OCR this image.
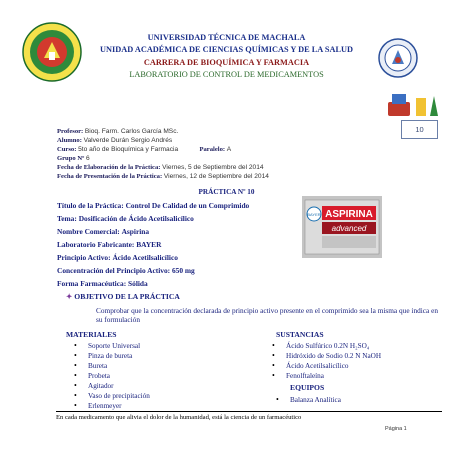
UNIVERSIDAD TÉCNICA DE MACHALA
UNIDAD ACADÉMICA DE CIENCIAS QUÍMICAS Y DE LA SALUD
CARRERA DE BIOQUÍMICA Y FARMACIA
LABORATORIO DE CONTROL DE MEDICAMENTOS
Profesor: Bioq. Farm. Carlos García MSc.
Alumno: Valverde Durán Sergio Andrés
Curso: 5to año de Bioquímica y Farmacia	Paralelo: A
Grupo Nº 6
Fecha de Elaboración de la Práctica: Viernes, 5 de Septiembre del 2014
Fecha de Presentación de la Práctica: Viernes, 12 de Septiembre del 2014
10
PRÁCTICA Nº 10
Título de la Práctica: Control De Calidad de un Comprimido
Tema: Dosificación de Ácido Acetilsalicílico
Nombre Comercial: Aspirina
Laboratorio Fabricante: BAYER
Principio Activo: Ácido Acetilsalicílico
Concentración del Principio Activo: 650 mg
Forma Farmacéutica: Sólida
BAYER ASPIRINA
advanced
✦ OBJETIVO DE LA PRÁCTICA
Comprobar que la concentración declarada de principio activo presente en el comprimido sea la misma que indica en su formulación
MATERIALES
• Soporte Universal
• Pinza de bureta
• Bureta
• Probeta
• Agitador
• Vaso de precipitación
• Erlenmeyer
SUSTANCIAS
• Ácido Sulfúrico 0.2N H₂SO₄
• Hidróxido de Sodio 0.2 N NaOH
• Ácido Acetilsalicílico
• Fenolftaleína
EQUIPOS
• Balanza Analítica
En cada medicamento que alivia el dolor de la humanidad, está la ciencia de un farmacéutico
Página 1
